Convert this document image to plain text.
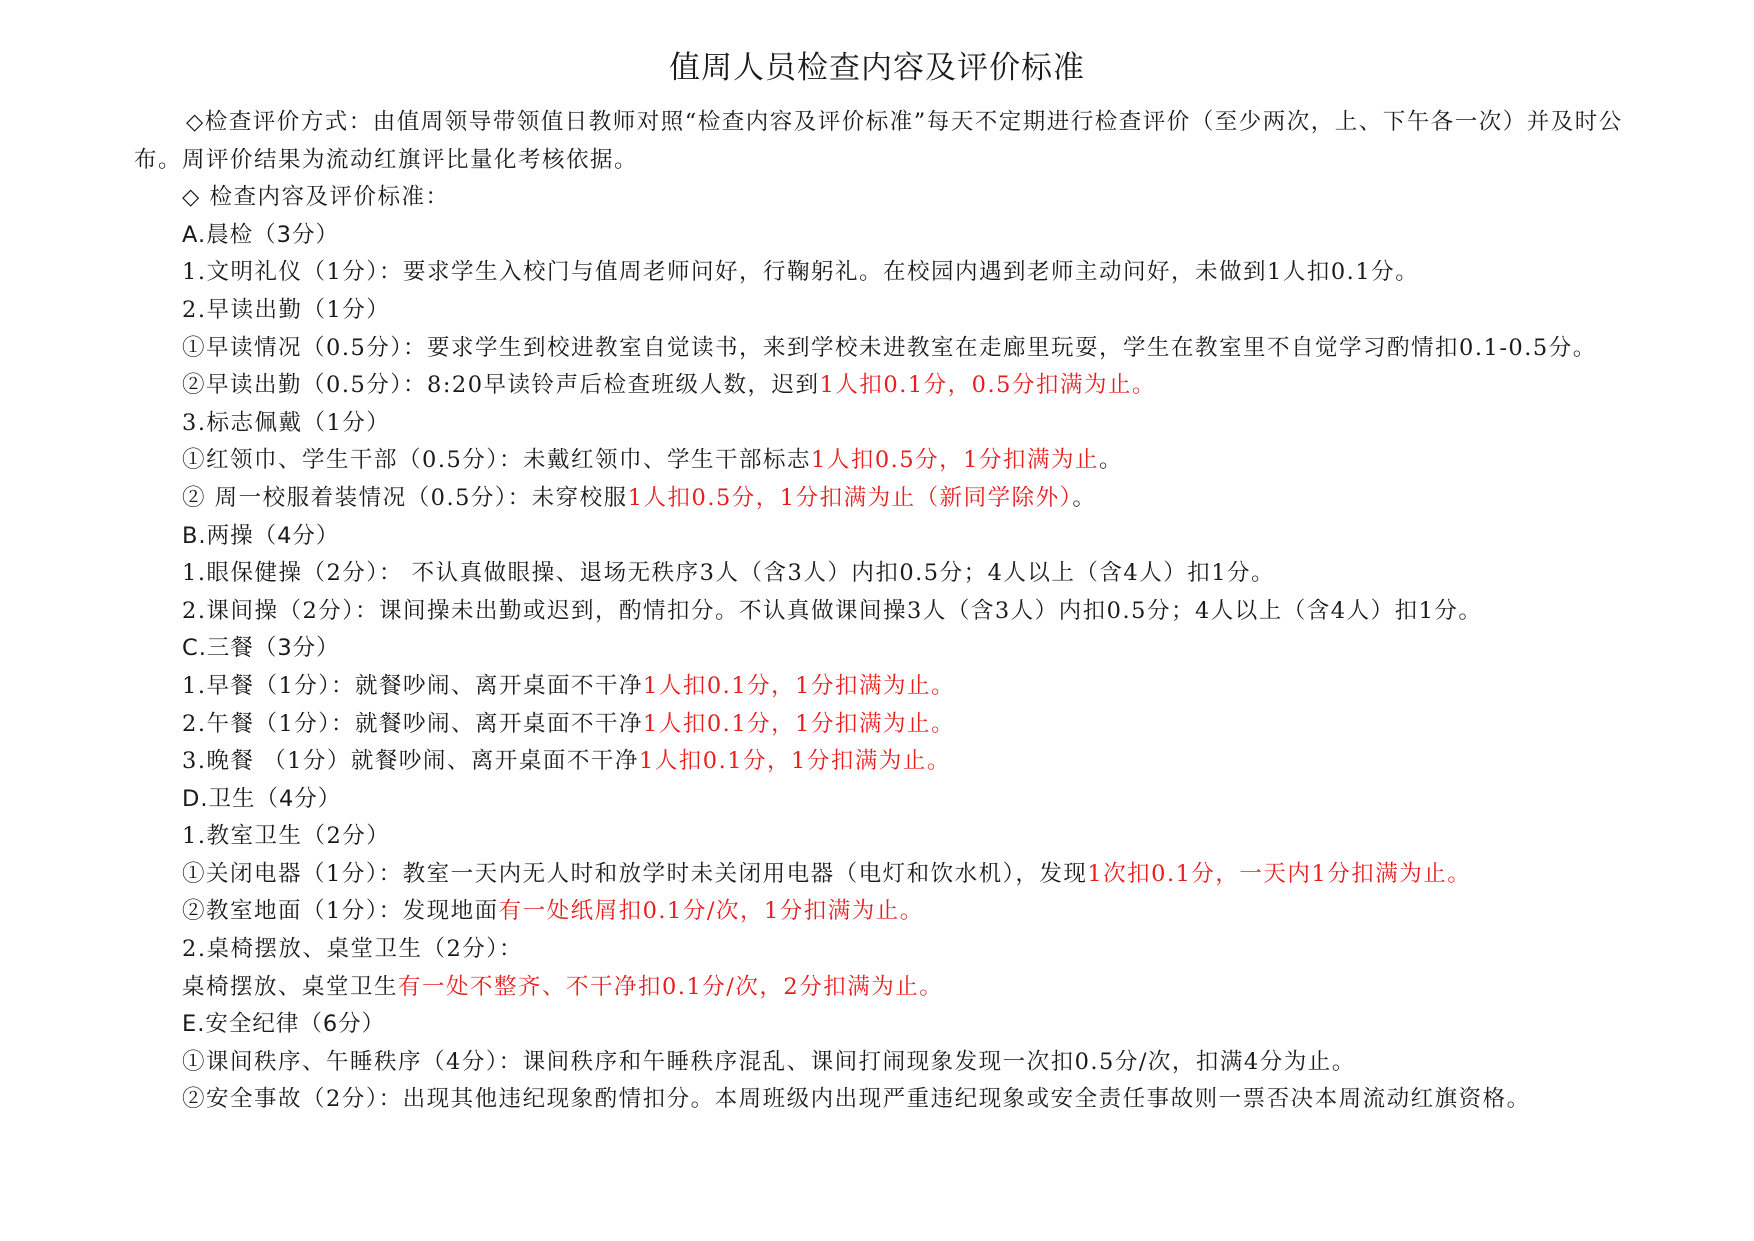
值周人员检查内容及评价标准

◇检查评价方式：由值周领导带领值日教师对照“检查内容及评价标准”每天不定期进行检查评价（至少两次，上、下午各一次）并及时公布。周评价结果为流动红旗评比量化考核依据。

◇ 检查内容及评价标准：

A.晨检（3分）

1.文明礼仪（1分）：要求学生入校门与值周老师问好，行鞠躬礼。在校园内遇到老师主动问好，未做到1人扣0.1分。

2.早读出勤（1分）

①早读情况（0.5分）：要求学生到校进教室自觉读书，来到学校未进教室在走廊里玩耍，学生在教室里不自觉学习酌情扣0.1-0.5分。

②早读出勤（0.5分）：8:20早读铃声后检查班级人数，迟到1人扣0.1分，0.5分扣满为止。

3.标志佩戴（1分）

①红领巾、学生干部（0.5分）：未戴红领巾、学生干部标志1人扣0.5分，1分扣满为止。

② 周一校服着装情况（0.5分）：未穿校服1人扣0.5分，1分扣满为止（新同学除外）。

B.两操（4分）

1.眼保健操（2分）： 不认真做眼操、退场无秩序3人（含3人）内扣0.5分；4人以上（含4人）扣1分。

2.课间操（2分）：课间操未出勤或迟到，酌情扣分。不认真做课间操3人（含3人）内扣0.5分；4人以上（含4人）扣1分。

C.三餐（3分）

1.早餐（1分）：就餐吵闹、离开桌面不干净1人扣0.1分，1分扣满为止。

2.午餐（1分）：就餐吵闹、离开桌面不干净1人扣0.1分，1分扣满为止。

3.晚餐 （1分）就餐吵闹、离开桌面不干净1人扣0.1分，1分扣满为止。

D.卫生（4分）

1.教室卫生（2分）

①关闭电器（1分）：教室一天内无人时和放学时未关闭用电器（电灯和饮水机），发现1次扣0.1分，一天内1分扣满为止。

②教室地面（1分）：发现地面有一处纸屑扣0.1分/次，1分扣满为止。

2.桌椅摆放、桌堂卫生（2分）：

桌椅摆放、桌堂卫生有一处不整齐、不干净扣0.1分/次，2分扣满为止。

E.安全纪律（6分）

①课间秩序、午睡秩序（4分）：课间秩序和午睡秩序混乱、课间打闹现象发现一次扣0.5分/次，扣满4分为止。

②安全事故（2分）：出现其他违纪现象酌情扣分。本周班级内出现严重违纪现象或安全责任事故则一票否决本周流动红旗资格。
